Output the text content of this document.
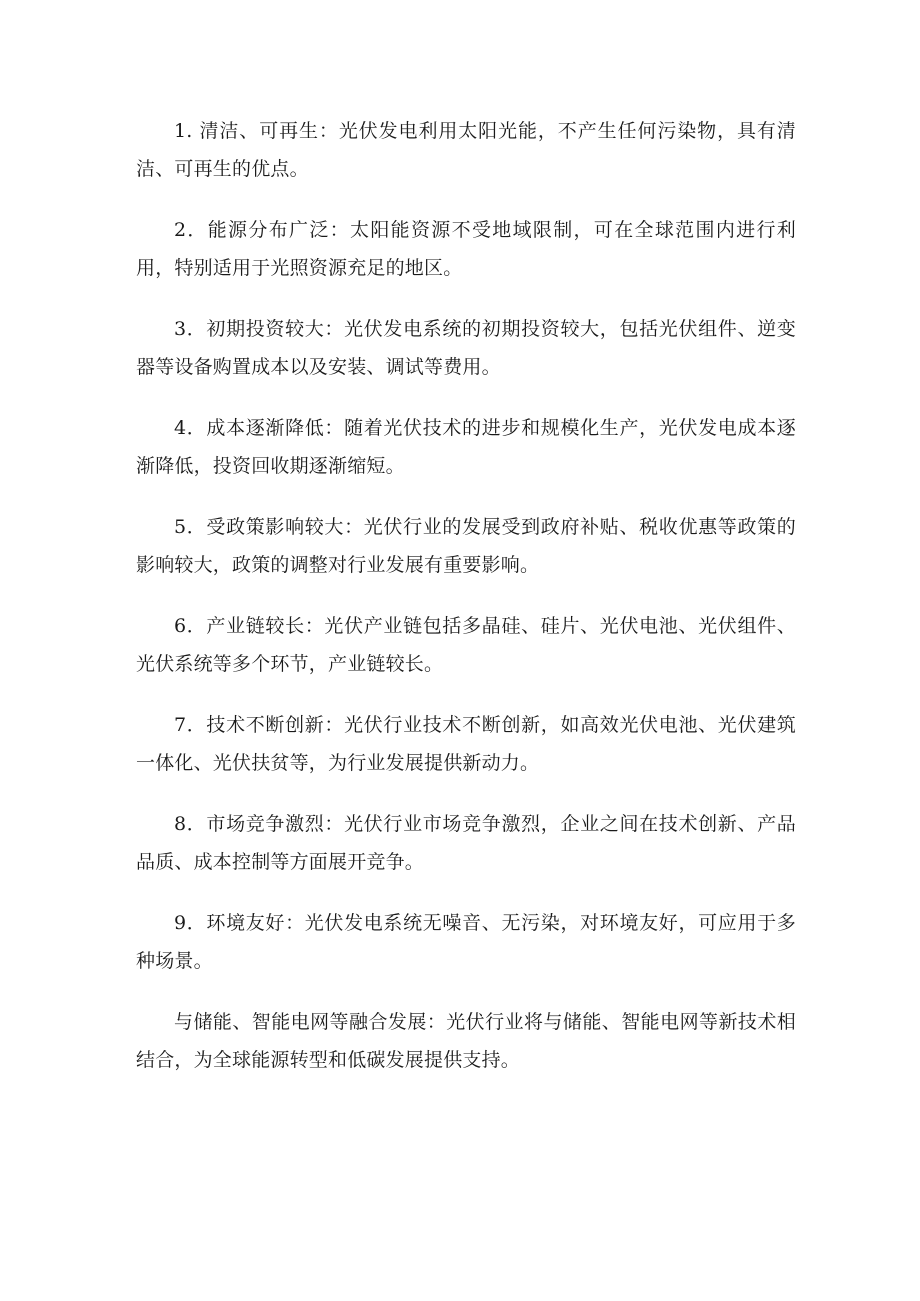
1. 清洁、可再生：光伏发电利用太阳光能，不产生任何污染物，具有清洁、可再生的优点。

2．能源分布广泛：太阳能资源不受地域限制，可在全球范围内进行利用，特别适用于光照资源充足的地区。

3．初期投资较大：光伏发电系统的初期投资较大，包括光伏组件、逆变器等设备购置成本以及安装、调试等费用。

4．成本逐渐降低：随着光伏技术的进步和规模化生产，光伏发电成本逐渐降低，投资回收期逐渐缩短。

5．受政策影响较大：光伏行业的发展受到政府补贴、税收优惠等政策的影响较大，政策的调整对行业发展有重要影响。

6．产业链较长：光伏产业链包括多晶硅、硅片、光伏电池、光伏组件、光伏系统等多个环节，产业链较长。

7．技术不断创新：光伏行业技术不断创新，如高效光伏电池、光伏建筑一体化、光伏扶贫等，为行业发展提供新动力。

8．市场竞争激烈：光伏行业市场竞争激烈，企业之间在技术创新、产品品质、成本控制等方面展开竞争。

9．环境友好：光伏发电系统无噪音、无污染，对环境友好，可应用于多种场景。

与储能、智能电网等融合发展：光伏行业将与储能、智能电网等新技术相结合，为全球能源转型和低碳发展提供支持。
